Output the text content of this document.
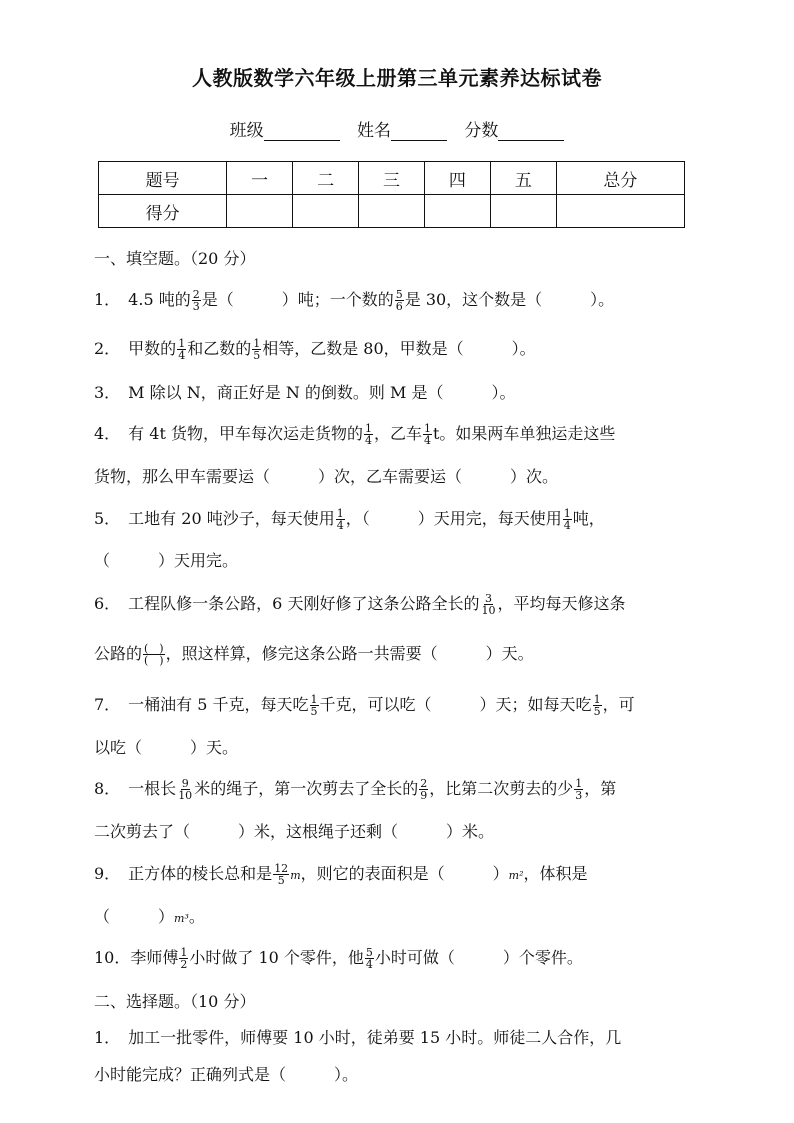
人教版数学六年级上册第三单元素养达标试卷
班级	姓名	分数
题号	一	二	三	四	五	总分
得分						
一、填空题。（20 分）
1．　4.5 吨的 $\frac{2}{3}$ 是（　　　）吨；一个数的 $\frac{5}{6}$ 是 30，这个数是（　　　）。
2．　甲数的 $\frac{1}{4}$ 和乙数的 $\frac{1}{5}$ 相等，乙数是 80，甲数是（　　　）。
3．　M 除以 N，商正好是 N 的倒数。则 M 是（　　　）。
4．　有 4t 货物，甲车每次运走货物的 $\frac{1}{4}$ ，乙车 $\frac{1}{4}$ t。如果两车单独运走这些
货物，那么甲车需要运（　　　）次，乙车需要运（　　　）次。
5．　工地有 20 吨沙子，每天使用 $\frac{1}{4}$ ，（　　　）天用完，每天使用 $\frac{1}{4}$ 吨，
（　　　）天用完。
6．　工程队修一条公路，6 天刚好修了这条公路全长的 $\frac{3}{10}$ ，平均每天修这条
公路的 $\frac{( )}{( )}$ ，照这样算，修完这条公路一共需要（　　　）天。
7．　一桶油有 5 千克，每天吃 $\frac{1}{5}$ 千克，可以吃（　　　）天；如每天吃 $\frac{1}{5}$ ，可
以吃（　　　）天。
8．　一根长 $\frac{9}{10}$ 米的绳子，第一次剪去了全长的 $\frac{2}{9}$ ，比第二次剪去的少 $\frac{1}{3}$ ，第
二次剪去了（　　　）米，这根绳子还剩（　　　）米。
9．　正方体的棱长总和是 $\frac{12}{5}$ m，则它的表面积是（　　　）m²，体积是
（　　　）m³。
10．李师傅 $\frac{1}{2}$ 小时做了 10 个零件，他 $\frac{5}{4}$ 小时可做（　　　）个零件。
二、选择题。（10 分）
1．　加工一批零件，师傅要 10 小时，徒弟要 15 小时。师徒二人合作，几
小时能完成？正确列式是（　　　）。
